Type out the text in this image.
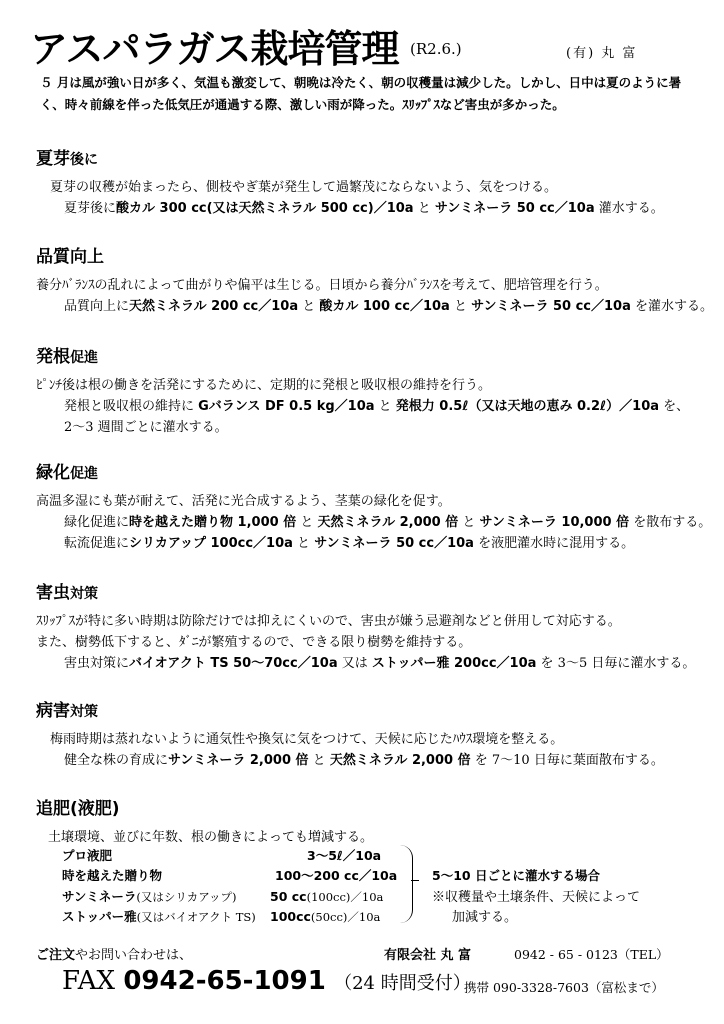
アスパラガス栽培管理 (R2.6.)	(有) 丸 富
５ 月は風が強い日が多く、気温も激変して、朝晩は冷たく、朝の収穫量は減少した。しかし、日中は夏のように暑く、時々前線を伴った低気圧が通過する際、激しい雨が降った。ｽﾘｯﾌﾟｽなど害虫が多かった。
夏芽後に
夏芽の収穫が始まったら、側枝やぎ葉が発生して過繁茂にならないよう、気をつける。
夏芽後に酸カル 300 cc(又は天然ミネラル 500 cc)／10a と サンミネーラ 50 cc／10a 灌水する。
品質向上
養分ﾊﾞﾗﾝｽの乱れによって曲がりや偏平は生じる。日頃から養分ﾊﾞﾗﾝｽを考えて、肥培管理を行う。
品質向上に天然ミネラル 200 cc／10a と 酸カル 100 cc／10a と サンミネーラ 50 cc／10a を灌水する。
発根促進
ﾋﾟﾝﾁ後は根の働きを活発にするために、定期的に発根と吸収根の維持を行う。
発根と吸収根の維持に Gバランス DF 0.5 kg／10a と 発根力 0.5ℓ（又は天地の恵み 0.2ℓ）／10a を、
2〜3 週間ごとに灌水する。
緑化促進
高温多湿にも葉が耐えて、活発に光合成するよう、茎葉の緑化を促す。
緑化促進に時を越えた贈り物 1,000 倍 と 天然ミネラル 2,000 倍 と サンミネーラ 10,000 倍 を散布する。
転流促進にシリカアップ 100cc／10a と サンミネーラ 50 cc／10a を液肥灌水時に混用する。
害虫対策
ｽﾘｯﾌﾟｽが特に多い時期は防除だけでは抑えにくいので、害虫が嫌う忌避剤などと併用して対応する。
また、樹勢低下すると、ﾀﾞﾆが繁殖するので、できる限り樹勢を維持する。
害虫対策にバイオアクト TS 50〜70cc／10a 又は ストッパー雅 200cc／10a を 3〜5 日毎に灌水する。
病害対策
梅雨時期は蒸れないように通気性や換気に気をつけて、天候に応じたﾊｳｽ環境を整える。
健全な株の育成にサンミネーラ 2,000 倍 と 天然ミネラル 2,000 倍 を 7〜10 日毎に葉面散布する。
追肥(液肥)
土壌環境、並びに年数、根の働きによっても増減する。
プロ液肥	3〜5ℓ／10a
時を越えた贈り物	100〜200 cc／10a
サンミネーラ(又はシリカアップ)	50 cc(100cc)／10a
ストッパー雅(又はバイオアクト TS) 100cc(50cc)／10a
5〜10 日ごとに灌水する場合
※収穫量や土壌条件、天候によって
加減する。
ご注文やお問い合わせは、	有限会社 丸 富	0942 - 65 - 0123（TEL）
FAX 0942-65-1091 （24 時間受付）
携帯 090-3328-7603（富松まで）
